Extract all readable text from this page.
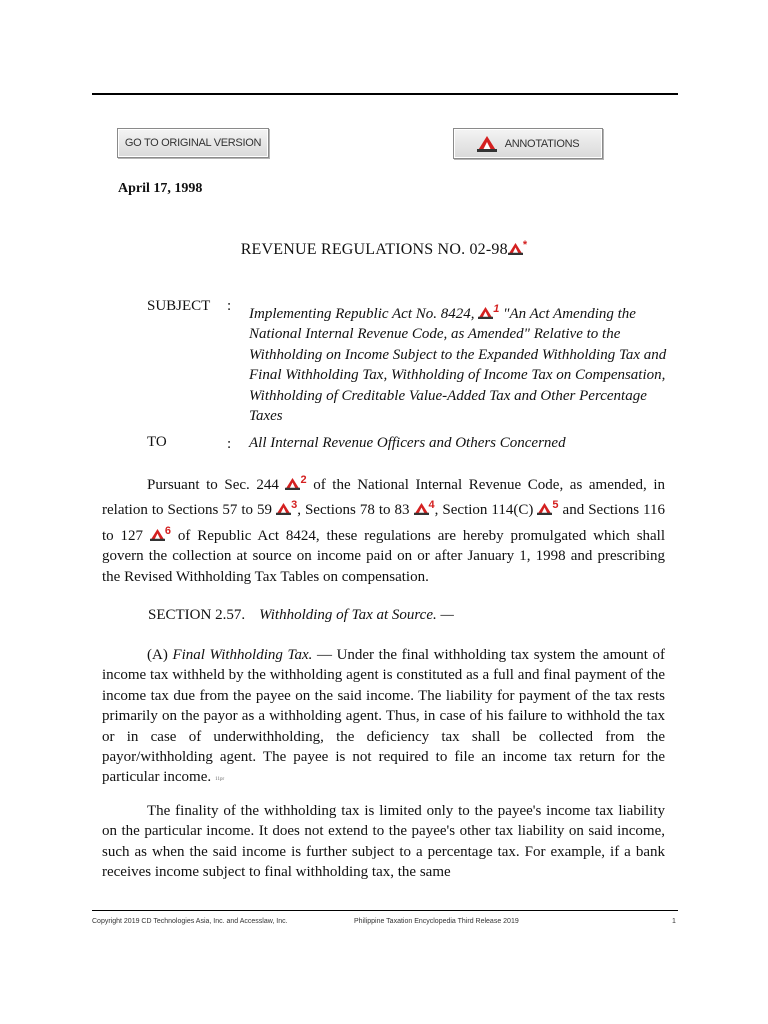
GO TO ORIGINAL VERSION	ANNOTATIONS
April 17, 1998
REVENUE REGULATIONS NO. 02-98 *
SUBJECT : Implementing Republic Act No. 8424, $^1$ "An Act Amending the National Internal Revenue Code, as Amended" Relative to the Withholding on Income Subject to the Expanded Withholding Tax and Final Withholding Tax, Withholding of Income Tax on Compensation, Withholding of Creditable Value-Added Tax and Other Percentage Taxes
TO	: All Internal Revenue Officers and Others Concerned
Pursuant to Sec. 244 $^2$ of the National Internal Revenue Code, as amended, in relation to Sections 57 to 59 $^3$, Sections 78 to 83 $^4$, Section 114(C) $^5$ and Sections 116 to 127 $^6$ of Republic Act 8424, these regulations are hereby promulgated which shall govern the collection at source on income paid on or after January 1, 1998 and prescribing the Revised Withholding Tax Tables on compensation.
SECTION 2.57. Withholding of Tax at Source. —
(A) Final Withholding Tax. — Under the final withholding tax system the amount of income tax withheld by the withholding agent is constituted as a full and final payment of the income tax due from the payee on the said income. The liability for payment of the tax rests primarily on the payor as a withholding agent. Thus, in case of his failure to withhold the tax or in case of underwithholding, the deficiency tax shall be collected from the payor/withholding agent. The payee is not required to file an income tax return for the particular income. 11pr
The finality of the withholding tax is limited only to the payee's income tax liability on the particular income. It does not extend to the payee's other tax liability on said income, such as when the said income is further subject to a percentage tax. For example, if a bank receives income subject to final withholding tax, the same
Copyright 2019 CD Technologies Asia, Inc. and Accesslaw, Inc.	Philippine Taxation Encyclopedia Third Release 2019	1
